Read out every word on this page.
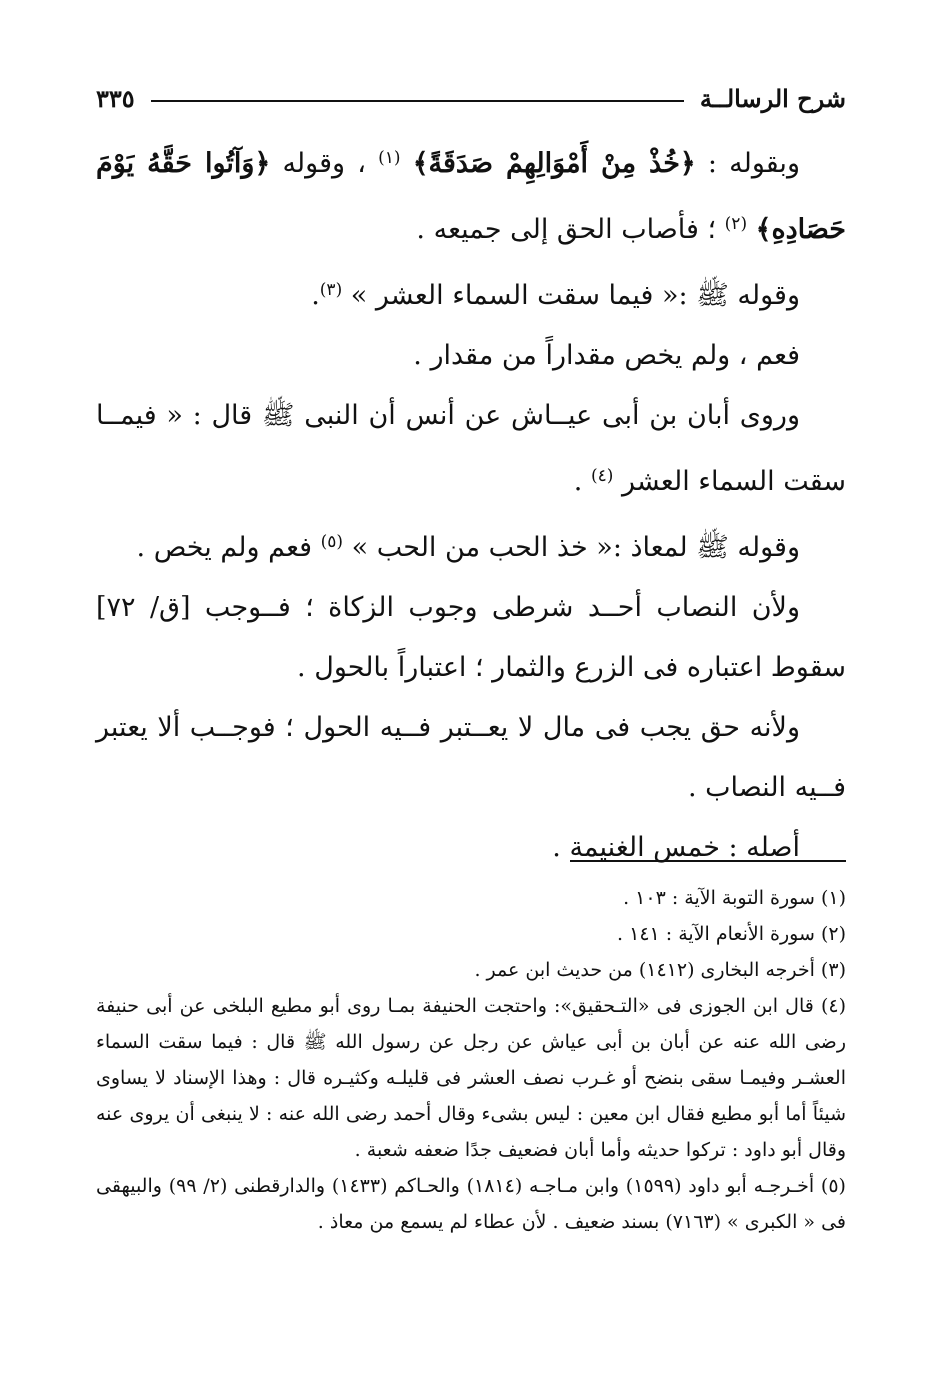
شرح الرسالــة
٣٣٥

وبقوله : ﴿خُذْ مِنْ أَمْوَالِهِمْ صَدَقَةً﴾ $^{(١)}$ ، وقوله ﴿وَآتُوا حَقَّهُ يَوْمَ حَصَادِهِ﴾ $^{(٢)}$ ؛ فأصاب الحق إلى جميعه .

وقوله ﷺ :« فيما سقت السماء العشر » $^{(٣)}$.

فعم ، ولم يخص مقداراً من مقدار .

وروى أبان بن أبى عيــاش عن أنس أن النبى ﷺ قال : « فيمــا سقت السماء العشر $^{(٤)}$ .

وقوله ﷺ لمعاذ :« خذ الحب من الحب » $^{(٥)}$ فعم ولم يخص .

ولأن النصاب أحــد شرطى وجوب الزكاة ؛ فــوجب [ق/ ٧٢] سقوط اعتباره فى الزرع والثمار ؛ اعتباراً بالحول .

ولأنه حق يجب فى مال لا يعــتبر فــيه الحول ؛ فوجــب ألا يعتبر فــيه النصاب .

أصله : خمس الغنيمة .

(١) سورة التوبة الآية : ١٠٣ .

(٢) سورة الأنعام الآية : ١٤١ .

(٣) أخرجه البخارى (١٤١٢) من حديث ابن عمر .

(٤) قال ابن الجوزى فى «التـحقيق»: واحتجت الحنيفة بمـا روى أبو مطيع البلخى عن أبى حنيفة رضى الله عنه عن أبان بن أبى عياش عن رجل عن رسول الله ﷺ قال : فيما سقت السماء العشـر وفيمـا سقى بنضح أو غـرب نصف العشر فى قليلـه وكثيـره قال : وهذا الإسناد لا يساوى شيئاً أما أبو مطيع فقال ابن معين : ليس بشىء وقال أحمد رضى الله عنه : لا ينبغى أن يروى عنه وقال أبو داود : تركوا حديثه وأما أبان فضعيف جدًا ضعفه شعبة .

(٥) أخـرجـه أبو داود (١٥٩٩) وابن مـاجـه (١٨١٤) والحـاكم (١٤٣٣) والدارقطنى (٢/ ٩٩) والبيهقى فى « الكبرى » (٧١٦٣) بسند ضعيف . لأن عطاء لم يسمع من معاذ .
